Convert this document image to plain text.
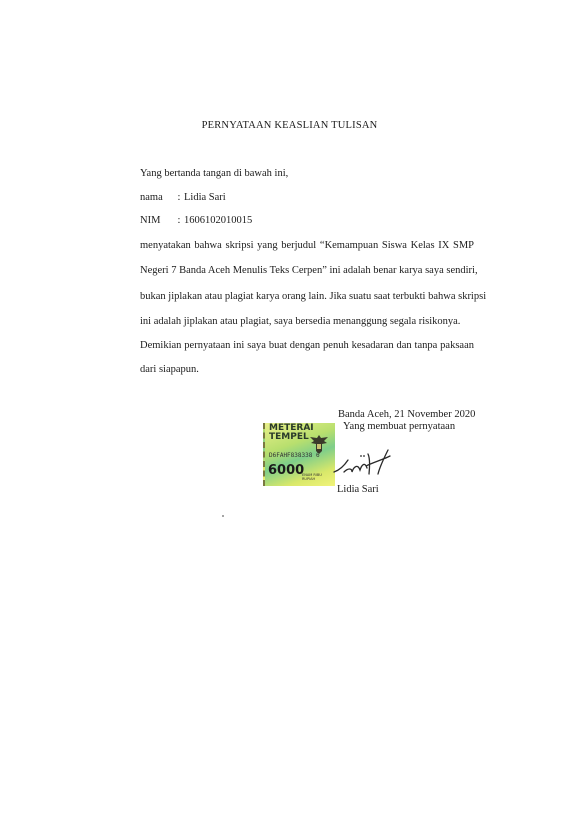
PERNYATAAN KEASLIAN TULISAN
Yang bertanda tangan di bawah ini,
nama : Lidia Sari
NIM : 1606102010015
menyatakan bahwa skripsi yang berjudul “Kemampuan Siswa Kelas IX SMP
Negeri 7 Banda Aceh Menulis Teks Cerpen” ini adalah benar karya saya sendiri,
bukan jiplakan atau plagiat karya orang lain. Jika suatu saat terbukti bahwa skripsi
ini adalah jiplakan atau plagiat, saya bersedia menanggung segala risikonya.
Demikian pernyataan ini saya buat dengan penuh kesadaran dan tanpa paksaan
dari siapapun.
Banda Aceh, 21 November 2020
Yang membuat pernyataan
METERAI
TEMPEL
D6FAHF838338 6
6000
ENAM RIBU RUPIAH
Lidia Sari
